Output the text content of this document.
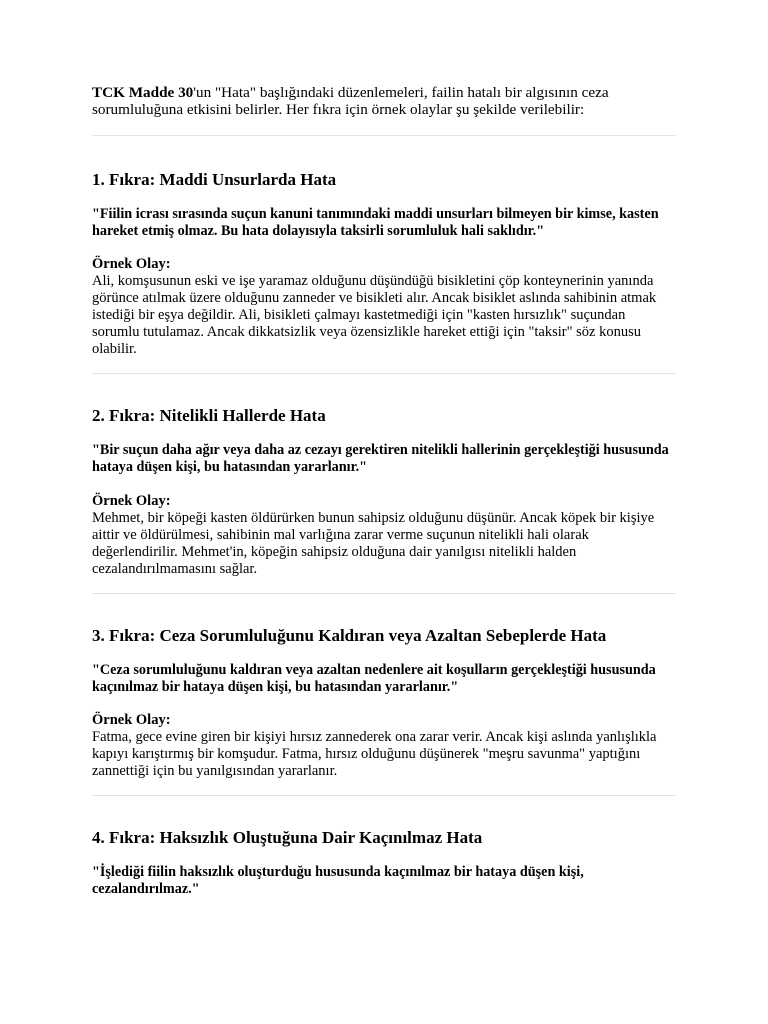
TCK Madde 30'un "Hata" başlığındaki düzenlemeleri, failin hatalı bir algısının ceza sorumluluğuna etkisini belirler. Her fıkra için örnek olaylar şu şekilde verilebilir:

1. Fıkra: Maddi Unsurlarda Hata

"Fiilin icrası sırasında suçun kanuni tanımındaki maddi unsurları bilmeyen bir kimse, kasten hareket etmiş olmaz. Bu hata dolayısıyla taksirli sorumluluk hali saklıdır."

Örnek Olay:

Ali, komşusunun eski ve işe yaramaz olduğunu düşündüğü bisikletini çöp konteynerinin yanında görünce atılmak üzere olduğunu zanneder ve bisikleti alır. Ancak bisiklet aslında sahibinin atmak istediği bir eşya değildir. Ali, bisikleti çalmayı kastetmediği için "kasten hırsızlık" suçundan sorumlu tutulamaz. Ancak dikkatsizlik veya özensizlikle hareket ettiği için "taksir" söz konusu olabilir.

2. Fıkra: Nitelikli Hallerde Hata

"Bir suçun daha ağır veya daha az cezayı gerektiren nitelikli hallerinin gerçekleştiği hususunda hataya düşen kişi, bu hatasından yararlanır."

Örnek Olay:

Mehmet, bir köpeği kasten öldürürken bunun sahipsiz olduğunu düşünür. Ancak köpek bir kişiye aittir ve öldürülmesi, sahibinin mal varlığına zarar verme suçunun nitelikli hali olarak değerlendirilir. Mehmet'in, köpeğin sahipsiz olduğuna dair yanılgısı nitelikli halden cezalandırılmamasını sağlar.

3. Fıkra: Ceza Sorumluluğunu Kaldıran veya Azaltan Sebeplerde Hata

"Ceza sorumluluğunu kaldıran veya azaltan nedenlere ait koşulların gerçekleştiği hususunda kaçınılmaz bir hataya düşen kişi, bu hatasından yararlanır."

Örnek Olay:

Fatma, gece evine giren bir kişiyi hırsız zannederek ona zarar verir. Ancak kişi aslında yanlışlıkla kapıyı karıştırmış bir komşudur. Fatma, hırsız olduğunu düşünerek "meşru savunma" yaptığını zannettiği için bu yanılgısından yararlanır.

4. Fıkra: Haksızlık Oluştuğuna Dair Kaçınılmaz Hata

"İşlediği fiilin haksızlık oluşturduğu hususunda kaçınılmaz bir hataya düşen kişi, cezalandırılmaz."
